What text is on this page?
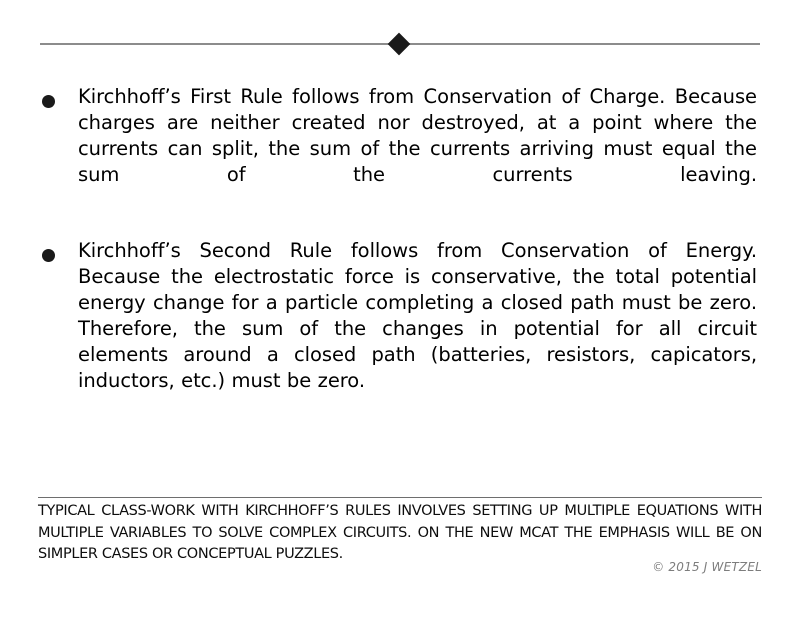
Kirchhoff’s First Rule follows from Conservation of Charge. Because charges are neither created nor destroyed, at a point where the currents can split, the sum of the currents arriving must equal the sum of the currents leaving.
Kirchhoff’s Second Rule follows from Conservation of Energy. Because the electrostatic force is conservative, the total potential energy change for a particle completing a closed path must be zero. Therefore, the sum of the changes in potential for all circuit elements around a closed path (batteries, resistors, capicators, inductors, etc.) must be zero.
TYPICAL CLASS-WORK WITH KIRCHHOFF’S RULES INVOLVES SETTING UP MULTIPLE EQUATIONS WITH MULTIPLE VARIABLES TO SOLVE COMPLEX CIRCUITS. ON THE NEW MCAT THE EMPHASIS WILL BE ON SIMPLER CASES OR CONCEPTUAL PUZZLES.
© 2015 J WETZEL
